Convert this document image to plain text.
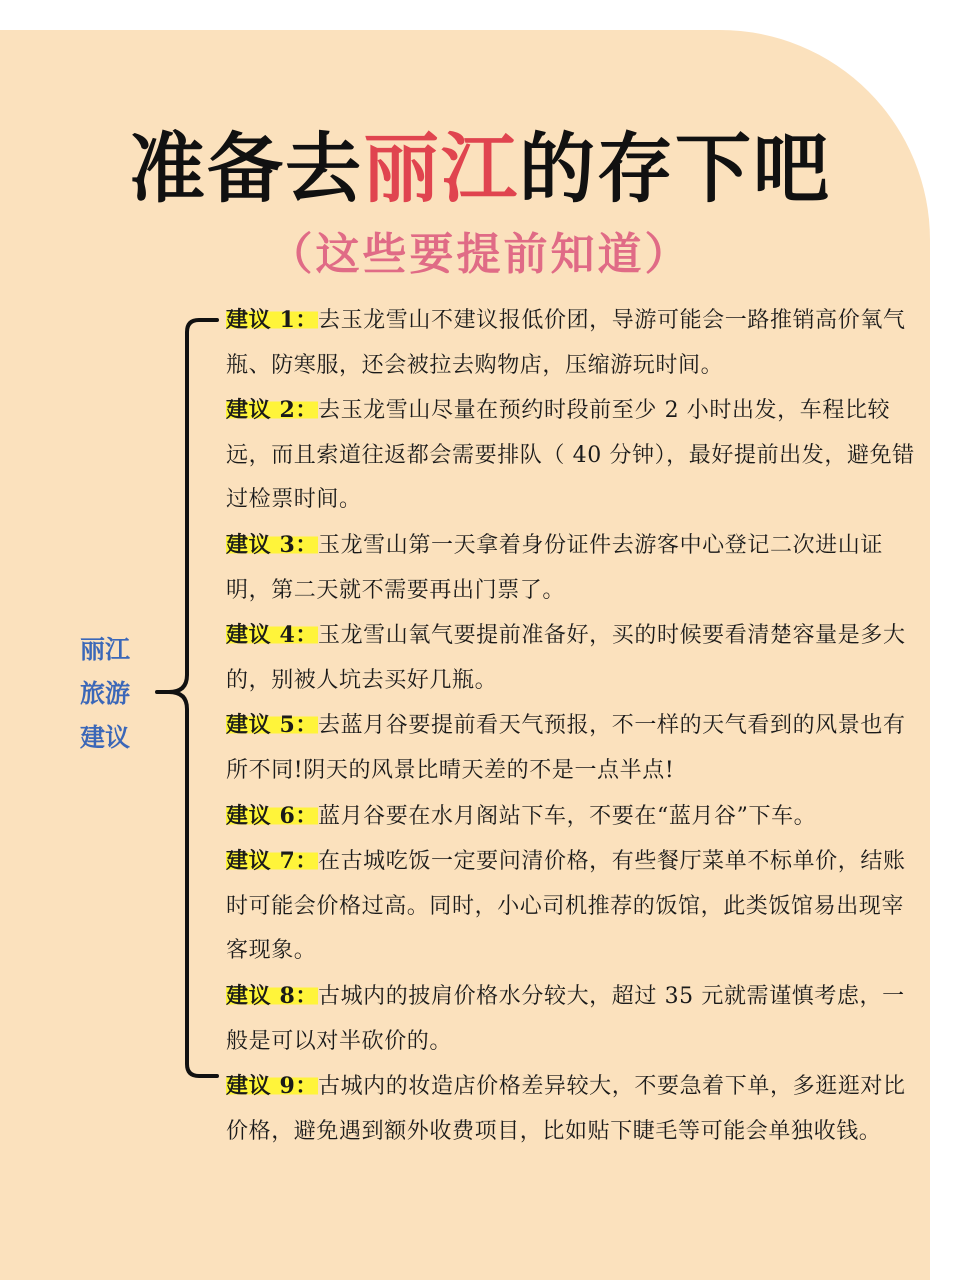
准备去丽江的存下吧
（这些要提前知道）
丽江
旅游
建议

建议 1：去玉龙雪山不建议报低价团，导游可能会一路推销高价氧气瓶、防寒服，还会被拉去购物店，压缩游玩时间。

建议 2：去玉龙雪山尽量在预约时段前至少 2 小时出发，车程比较远，而且索道往返都会需要排队（ 40 分钟），最好提前出发，避免错过检票时间。

建议 3：玉龙雪山第一天拿着身份证件去游客中心登记二次进山证明，第二天就不需要再出门票了。

建议 4：玉龙雪山氧气要提前准备好，买的时候要看清楚容量是多大的，别被人坑去买好几瓶。

建议 5：去蓝月谷要提前看天气预报，不一样的天气看到的风景也有所不同!阴天的风景比晴天差的不是一点半点!

建议 6：蓝月谷要在水月阁站下车，不要在“蓝月谷”下车。

建议 7：在古城吃饭一定要问清价格，有些餐厅菜单不标单价，结账时可能会价格过高。同时，小心司机推荐的饭馆，此类饭馆易出现宰客现象。

建议 8：古城内的披肩价格水分较大，超过 35 元就需谨慎考虑，一般是可以对半砍价的。

建议 9：古城内的妆造店价格差异较大，不要急着下单，多逛逛对比价格，避免遇到额外收费项目，比如贴下睫毛等可能会单独收钱。
